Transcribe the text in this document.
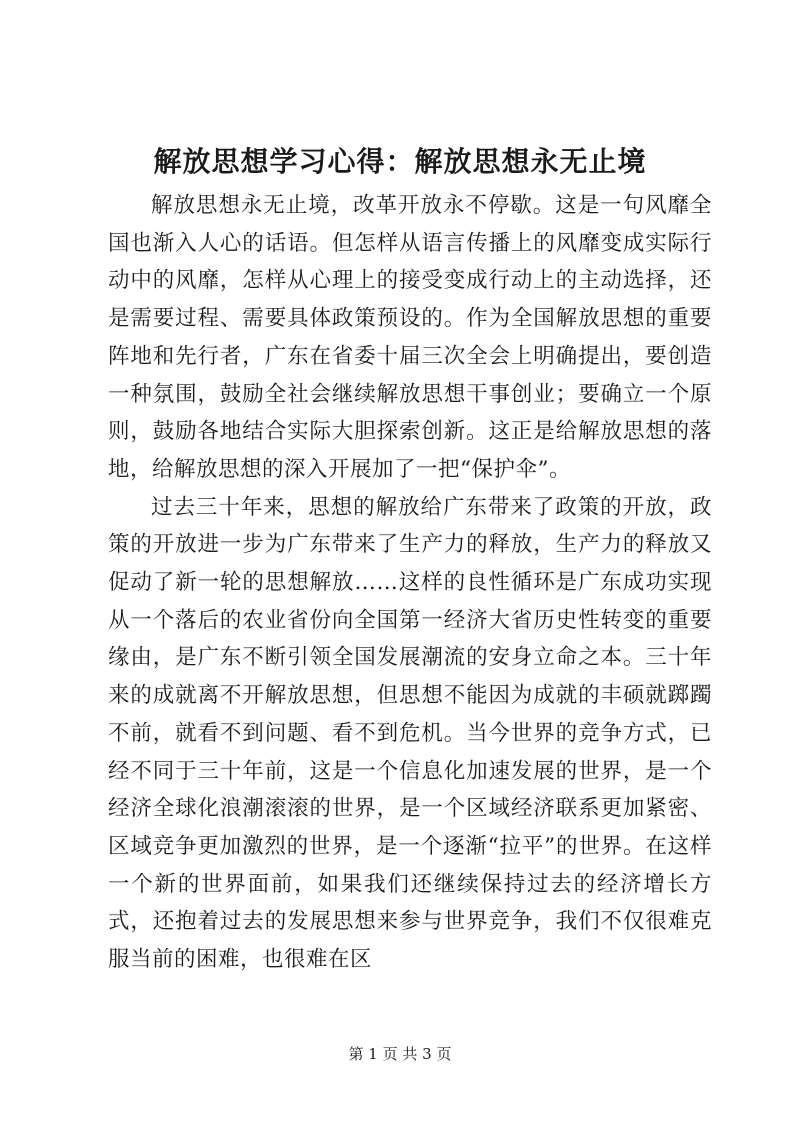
解放思想学习心得：解放思想永无止境

解放思想永无止境，改革开放永不停歇。这是一句风靡全国也渐入人心的话语。但怎样从语言传播上的风靡变成实际行动中的风靡，怎样从心理上的接受变成行动上的主动选择，还是需要过程、需要具体政策预设的。作为全国解放思想的重要阵地和先行者，广东在省委十届三次全会上明确提出，要创造一种氛围，鼓励全社会继续解放思想干事创业；要确立一个原则，鼓励各地结合实际大胆探索创新。这正是给解放思想的落地，给解放思想的深入开展加了一把“保护伞”。

过去三十年来，思想的解放给广东带来了政策的开放，政策的开放进一步为广东带来了生产力的释放，生产力的释放又促动了新一轮的思想解放……这样的良性循环是广东成功实现从一个落后的农业省份向全国第一经济大省历史性转变的重要缘由，是广东不断引领全国发展潮流的安身立命之本。三十年来的成就离不开解放思想，但思想不能因为成就的丰硕就踯躅不前，就看不到问题、看不到危机。当今世界的竞争方式，已经不同于三十年前，这是一个信息化加速发展的世界，是一个经济全球化浪潮滚滚的世界，是一个区域经济联系更加紧密、区域竞争更加激烈的世界，是一个逐渐“拉平”的世界。在这样一个新的世界面前，如果我们还继续保持过去的经济增长方式，还抱着过去的发展思想来参与世界竞争，我们不仅很难克服当前的困难，也很难在区

第 1 页 共 3 页
